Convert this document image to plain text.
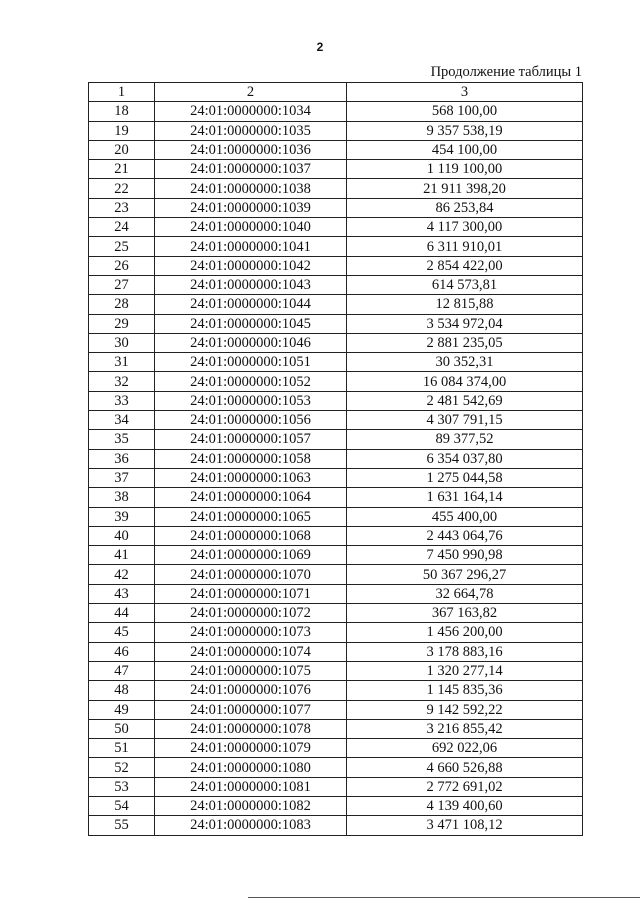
2
Продолжение таблицы 1
1	2	3
18	24:01:0000000:1034	568 100,00
19	24:01:0000000:1035	9 357 538,19
20	24:01:0000000:1036	454 100,00
21	24:01:0000000:1037	1 119 100,00
22	24:01:0000000:1038	21 911 398,20
23	24:01:0000000:1039	86 253,84
24	24:01:0000000:1040	4 117 300,00
25	24:01:0000000:1041	6 311 910,01
26	24:01:0000000:1042	2 854 422,00
27	24:01:0000000:1043	614 573,81
28	24:01:0000000:1044	12 815,88
29	24:01:0000000:1045	3 534 972,04
30	24:01:0000000:1046	2 881 235,05
31	24:01:0000000:1051	30 352,31
32	24:01:0000000:1052	16 084 374,00
33	24:01:0000000:1053	2 481 542,69
34	24:01:0000000:1056	4 307 791,15
35	24:01:0000000:1057	89 377,52
36	24:01:0000000:1058	6 354 037,80
37	24:01:0000000:1063	1 275 044,58
38	24:01:0000000:1064	1 631 164,14
39	24:01:0000000:1065	455 400,00
40	24:01:0000000:1068	2 443 064,76
41	24:01:0000000:1069	7 450 990,98
42	24:01:0000000:1070	50 367 296,27
43	24:01:0000000:1071	32 664,78
44	24:01:0000000:1072	367 163,82
45	24:01:0000000:1073	1 456 200,00
46	24:01:0000000:1074	3 178 883,16
47	24:01:0000000:1075	1 320 277,14
48	24:01:0000000:1076	1 145 835,36
49	24:01:0000000:1077	9 142 592,22
50	24:01:0000000:1078	3 216 855,42
51	24:01:0000000:1079	692 022,06
52	24:01:0000000:1080	4 660 526,88
53	24:01:0000000:1081	2 772 691,02
54	24:01:0000000:1082	4 139 400,60
55	24:01:0000000:1083	3 471 108,12
